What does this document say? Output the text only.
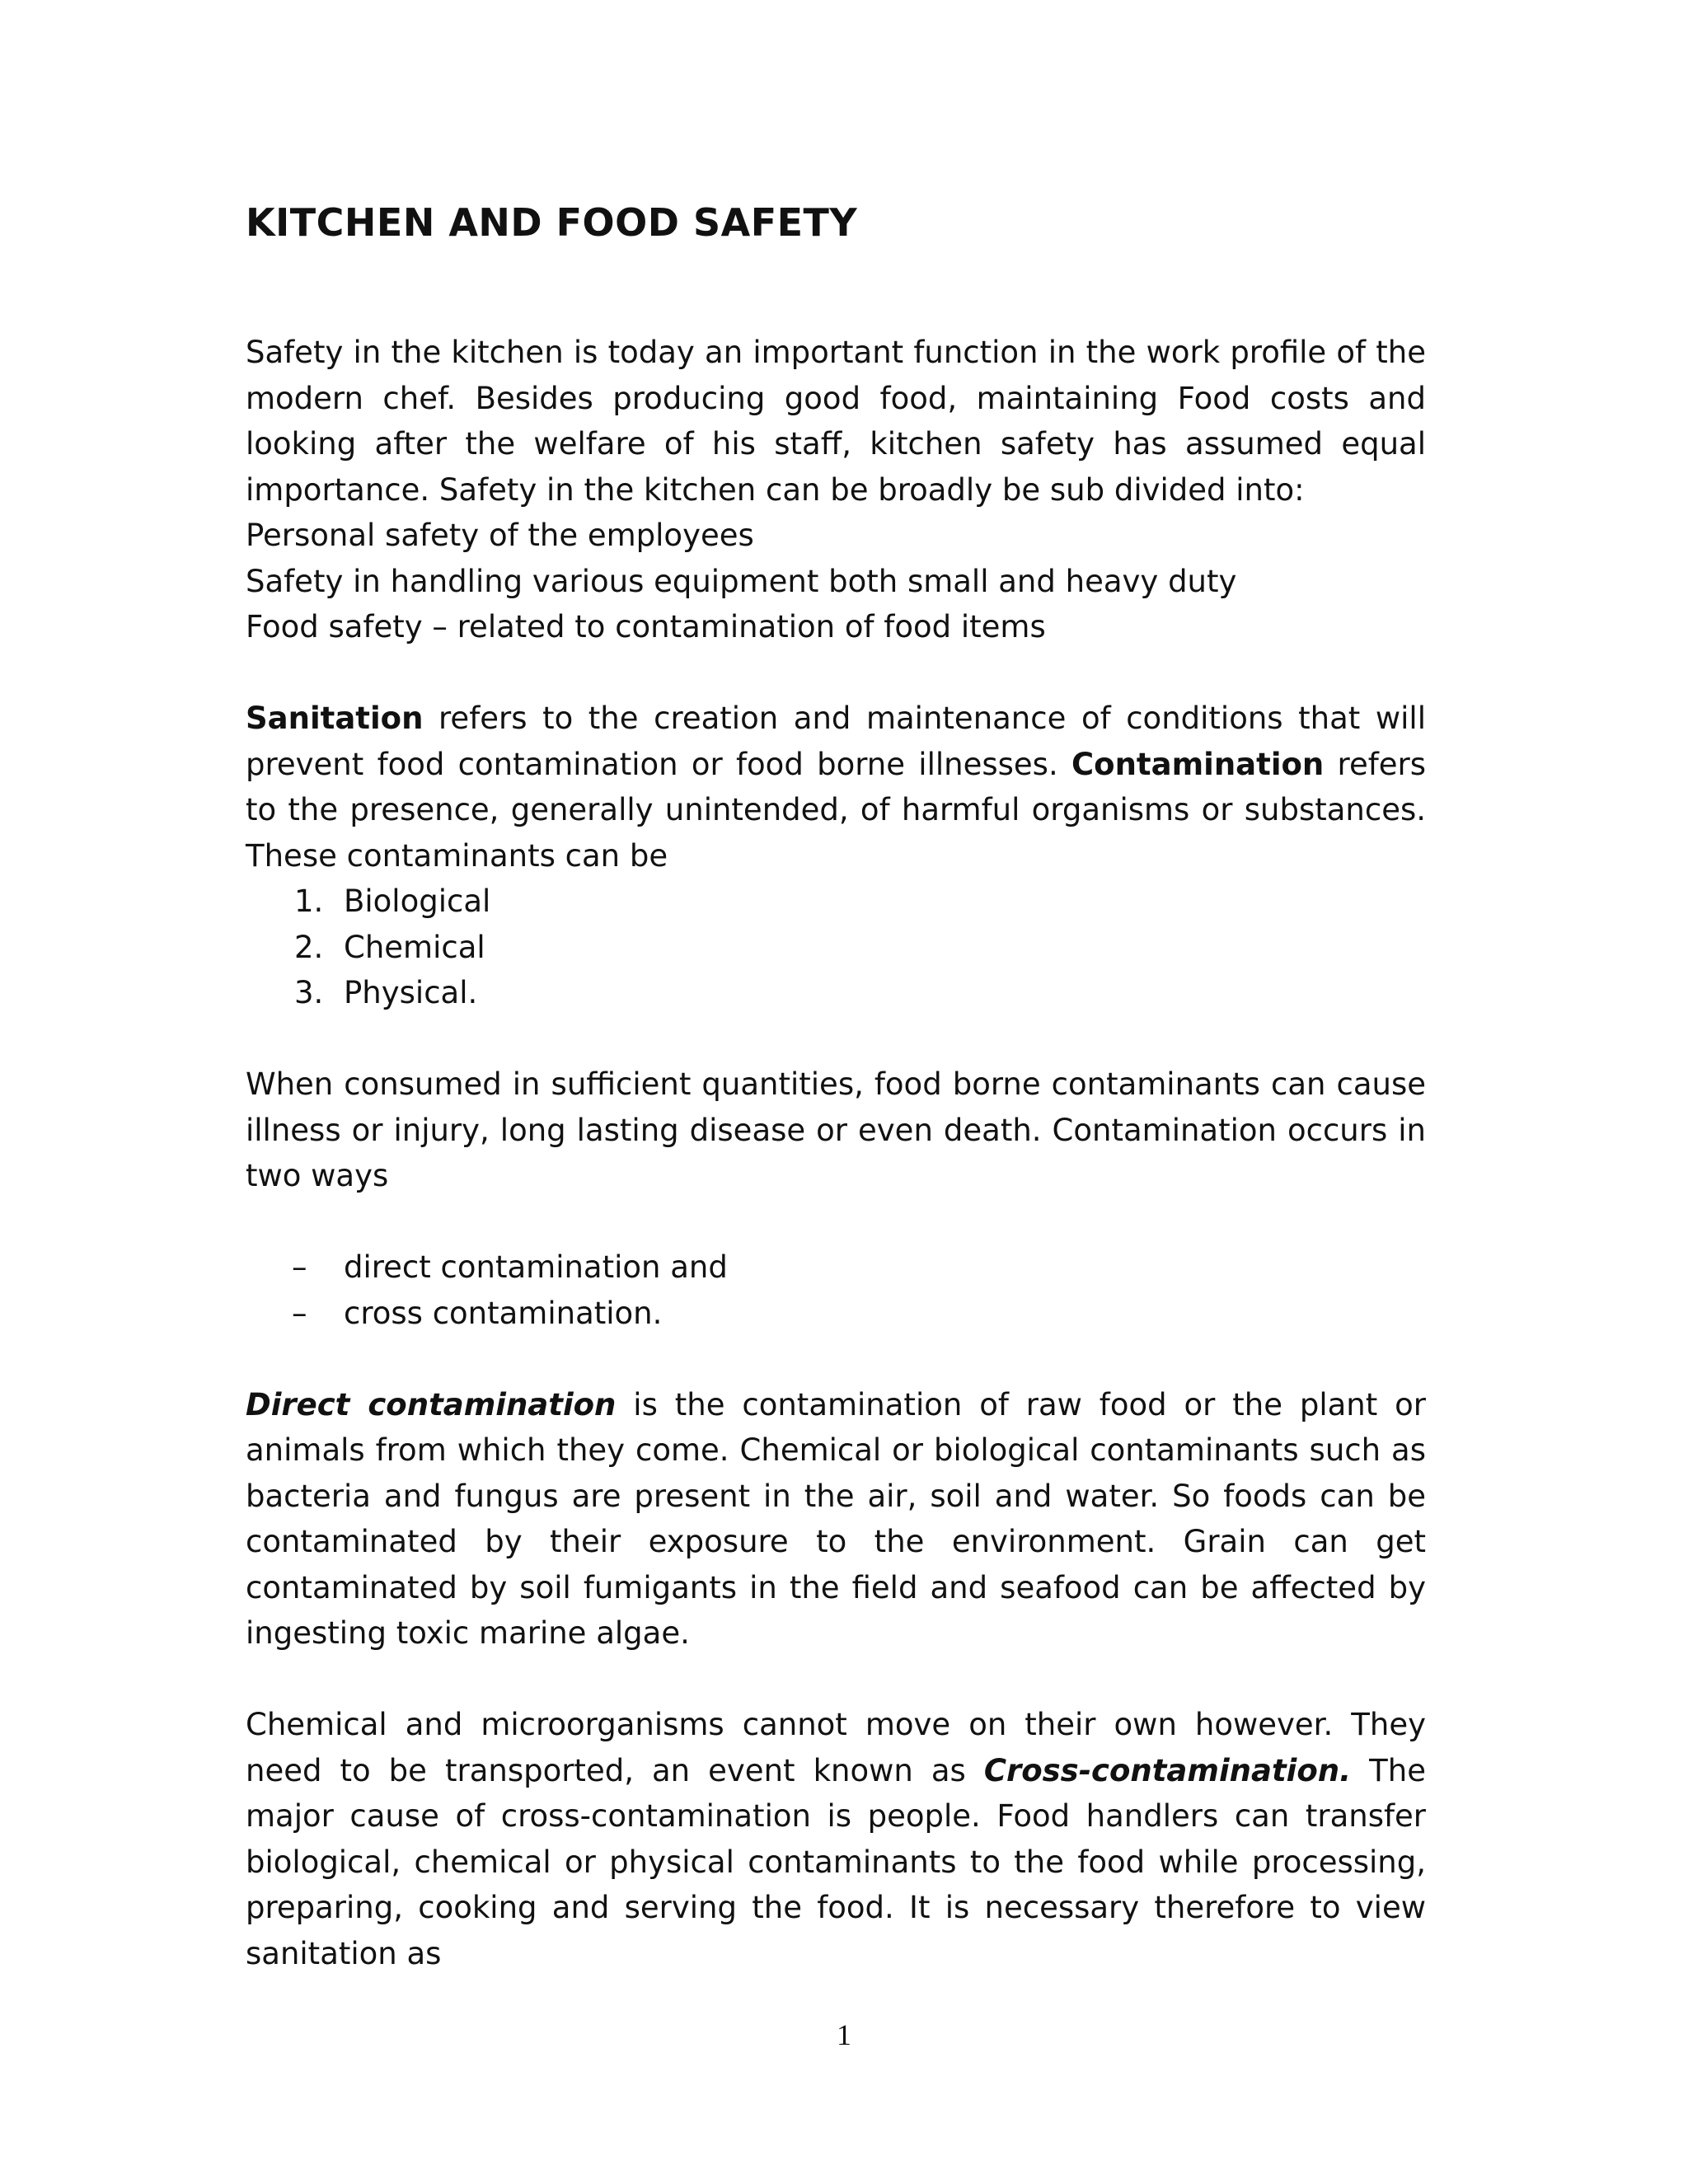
KITCHEN AND FOOD SAFETY

Safety in the kitchen is today an important function in the work profile of the modern chef. Besides producing good food, maintaining Food costs and looking after the welfare of his staff, kitchen safety has assumed equal importance. Safety in the kitchen can be broadly be sub divided into:

Personal safety of the employees
Safety in handling various equipment both small and heavy duty
Food safety – related to contamination of food items

Sanitation refers to the creation and maintenance of conditions that will prevent food contamination or food borne illnesses. Contamination refers to the presence, generally unintended, of harmful organisms or substances. These contaminants can be

1. Biological
2. Chemical
3. Physical.

When consumed in sufficient quantities, food borne contaminants can cause illness or injury, long lasting disease or even death. Contamination occurs in two ways

– direct contamination and
– cross contamination.

Direct contamination is the contamination of raw food or the plant or animals from which they come. Chemical or biological contaminants such as bacteria and fungus are present in the air, soil and water. So foods can be contaminated by their exposure to the environment. Grain can get contaminated by soil fumigants in the field and seafood can be affected by ingesting toxic marine algae.

Chemical and microorganisms cannot move on their own however. They need to be transported, an event known as Cross-contamination. The major cause of cross-contamination is people. Food handlers can transfer biological, chemical or physical contaminants to the food while processing, preparing, cooking and serving the food. It is necessary therefore to view sanitation as

1
